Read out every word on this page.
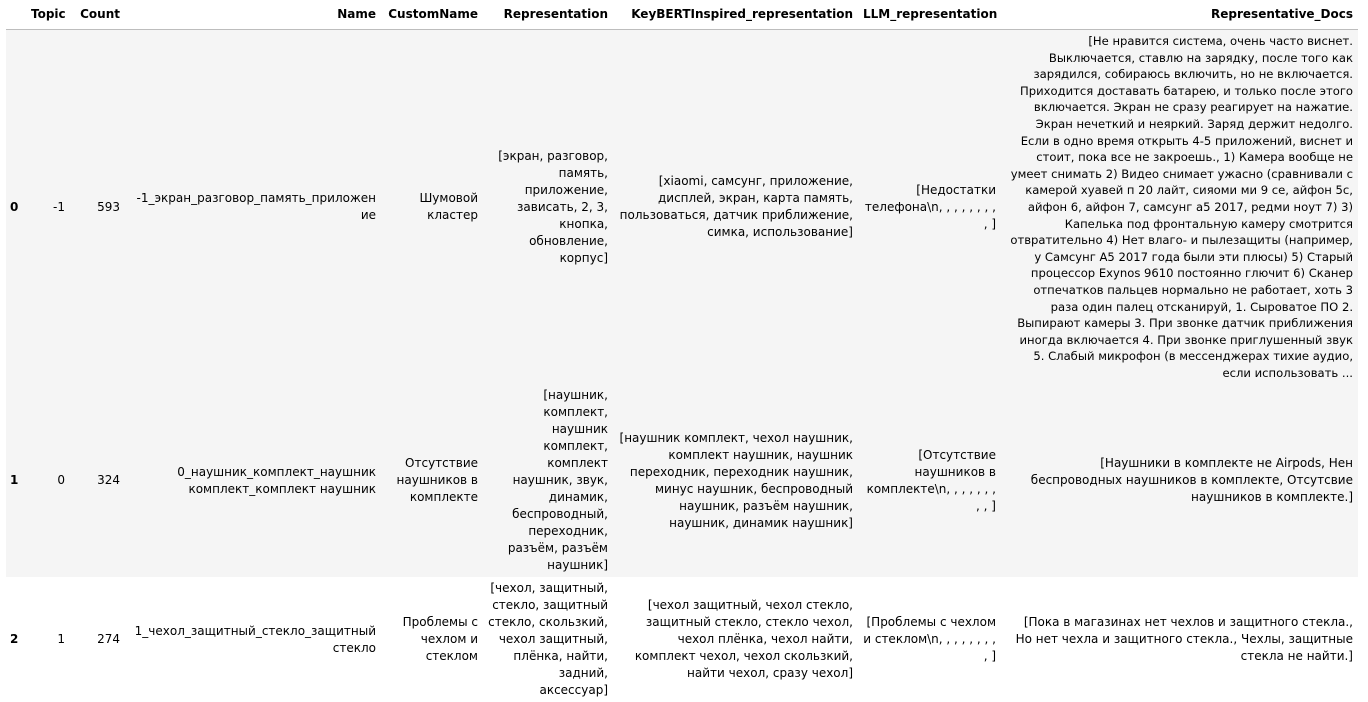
	Topic	Count	Name	CustomName	Representation	KeyBERTInspired_representation	LLM_representation	Representative_Docs
0	-1	593	-1_экран_разговор_память_приложение	Шумовой кластер	[экран, разговор, память, приложение, зависать, 2, 3, кнопка, обновление, корпус]	[xiaomi, самсунг, приложение, дисплей, экран, карта память, пользоваться, датчик приближение, симка, использование]	[Недостатки телефона\n, , , , , , , , , ]	[Не нравится система, очень часто виснет. Выключается, ставлю на зарядку, после того как зарядился, собираюсь включить, но не включается. Приходится доставать батарею, и только после этого включается. Экран не сразу реагирует на нажатие. Экран нечеткий и неяркий. Заряд держит недолго. Если в одно время открыть 4-5 приложений, виснет и стоит, пока все не закроешь., 1) Камера вообще не умеет снимать 2) Видео снимает ужасно (сравнивали с камерой хуавей п 20 лайт, сияоми ми 9 се, айфон 5с, айфон 6, айфон 7, самсунг а5 2017, редми ноут 7) 3) Капелька под фронтальную камеру смотрится отвратительно 4) Нет влаго- и пылезащиты (например, у Самсунг А5 2017 года были эти плюсы) 5) Старый процессор Exynos 9610 постоянно глючит 6) Сканер отпечатков пальцев нормально не работает, хоть 3 раза один палец отсканируй, 1. Сыроватое ПО 2. Выпирают камеры 3. При звонке датчик приближения иногда включается 4. При звонке приглушенный звук 5. Слабый микрофон (в мессенджерах тихие аудио, если использовать ...
1	0	324	0_наушник_комплект_наушник комплект_комплект наушник	Отсутствие наушников в комплекте	[наушник, комплект, наушник комплект, комплект наушник, звук, динамик, беспроводный, переходник, разъём, разъём наушник]	[наушник комплект, чехол наушник, комплект наушник, наушник переходник, переходник наушник, минус наушник, беспроводный наушник, разъём наушник, наушник, динамик наушник]	[Отсутствие наушников в комплекте\n, , , , , , , , , ]	[Наушники в комплекте не Airpods, Нен беспроводных наушников в комплекте, Отсутсвие наушников в комплекте.]
2	1	274	1_чехол_защитный_стекло_защитный стекло	Проблемы с чехлом и стеклом	[чехол, защитный, стекло, защитный стекло, скользкий, чехол защитный, плёнка, найти, задний, аксессуар]	[чехол защитный, чехол стекло, защитный стекло, стекло чехол, чехол плёнка, чехол найти, комплект чехол, чехол скользкий, найти чехол, сразу чехол]	[Проблемы с чехлом и стеклом\n, , , , , , , , , ]	[Пока в магазинах нет чехлов и защитного стекла., Но нет чехла и защитного стекла., Чехлы, защитные стекла не найти.]
